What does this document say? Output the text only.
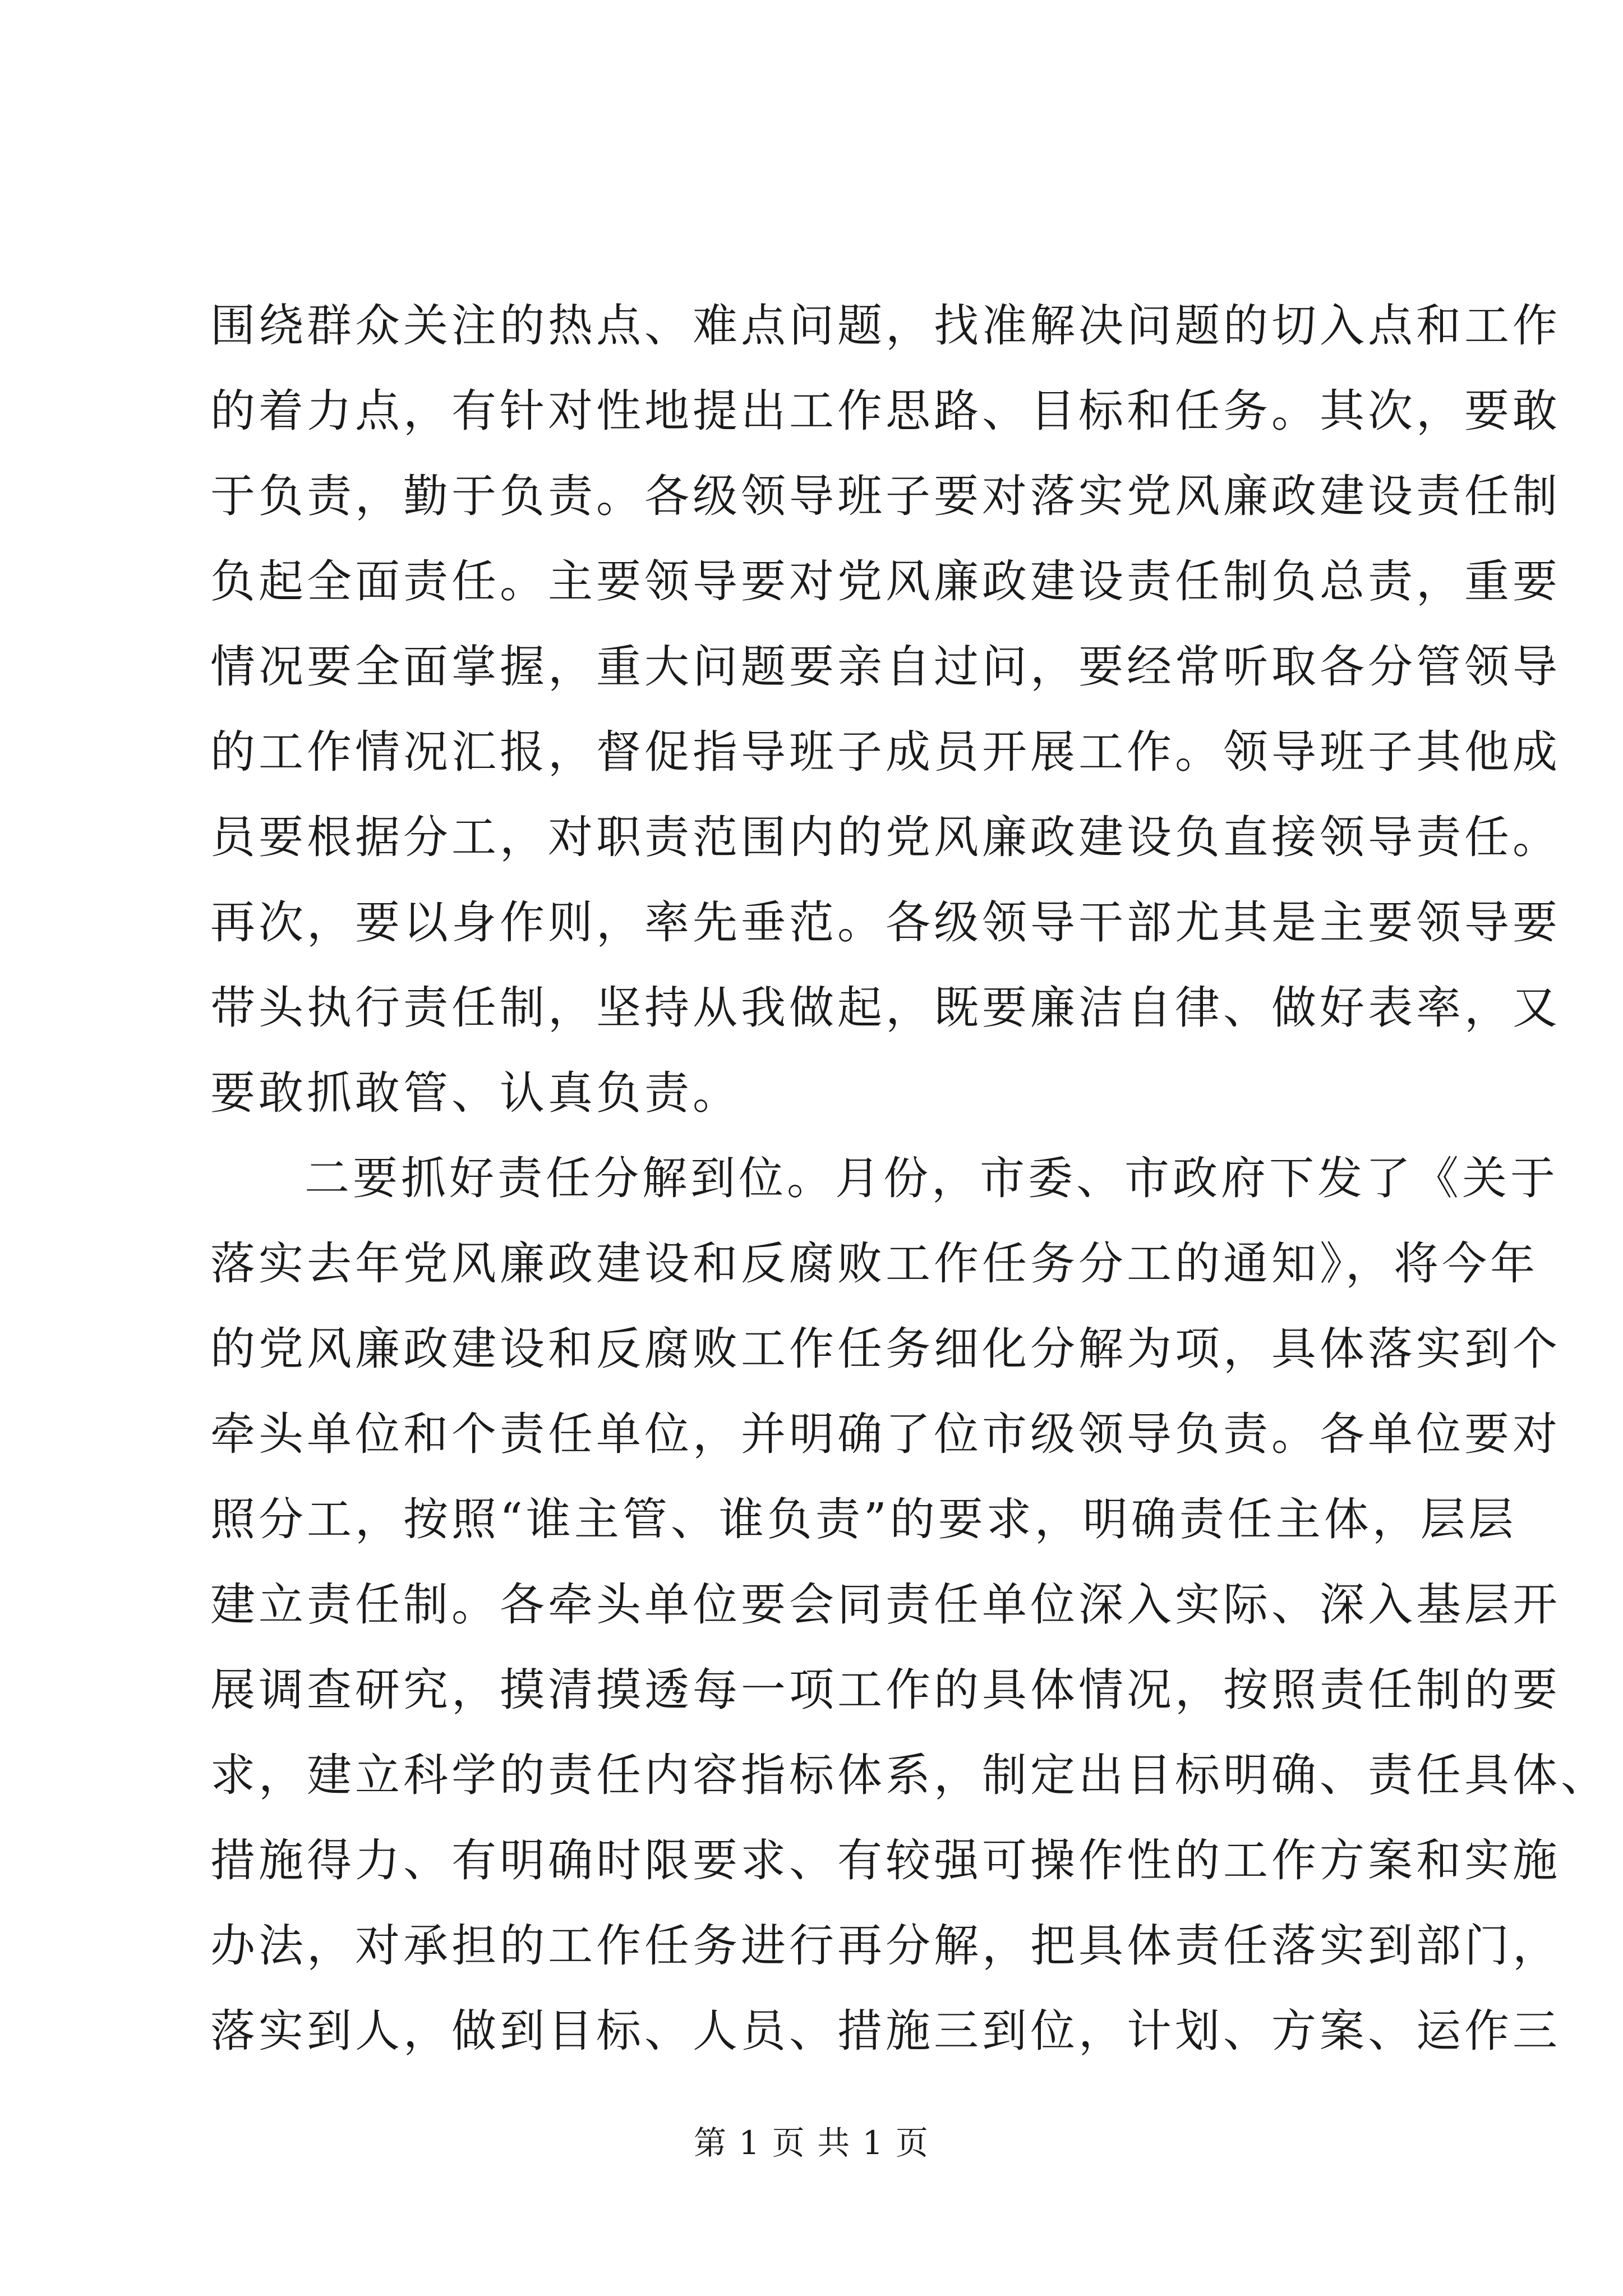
围绕群众关注的热点、难点问题，找准解决问题的切入点和工作
的着力点，有针对性地提出工作思路、目标和任务。其次，要敢
于负责，勤于负责。各级领导班子要对落实党风廉政建设责任制
负起全面责任。主要领导要对党风廉政建设责任制负总责，重要
情况要全面掌握，重大问题要亲自过问，要经常听取各分管领导
的工作情况汇报，督促指导班子成员开展工作。领导班子其他成
员要根据分工，对职责范围内的党风廉政建设负直接领导责任。
再次，要以身作则，率先垂范。各级领导干部尤其是主要领导要
带头执行责任制，坚持从我做起，既要廉洁自律、做好表率，又
要敢抓敢管、认真负责。
二要抓好责任分解到位。月份，市委、市政府下发了《关于
落实去年党风廉政建设和反腐败工作任务分工的通知》，将今年
的党风廉政建设和反腐败工作任务细化分解为项，具体落实到个
牵头单位和个责任单位，并明确了位市级领导负责。各单位要对
照分工，按照“谁主管、谁负责”的要求，明确责任主体，层层
建立责任制。各牵头单位要会同责任单位深入实际、深入基层开
展调查研究，摸清摸透每一项工作的具体情况，按照责任制的要
求，建立科学的责任内容指标体系，制定出目标明确、责任具体、
措施得力、有明确时限要求、有较强可操作性的工作方案和实施
办法，对承担的工作任务进行再分解，把具体责任落实到部门，
落实到人，做到目标、人员、措施三到位，计划、方案、运作三
第 1 页 共 1 页
